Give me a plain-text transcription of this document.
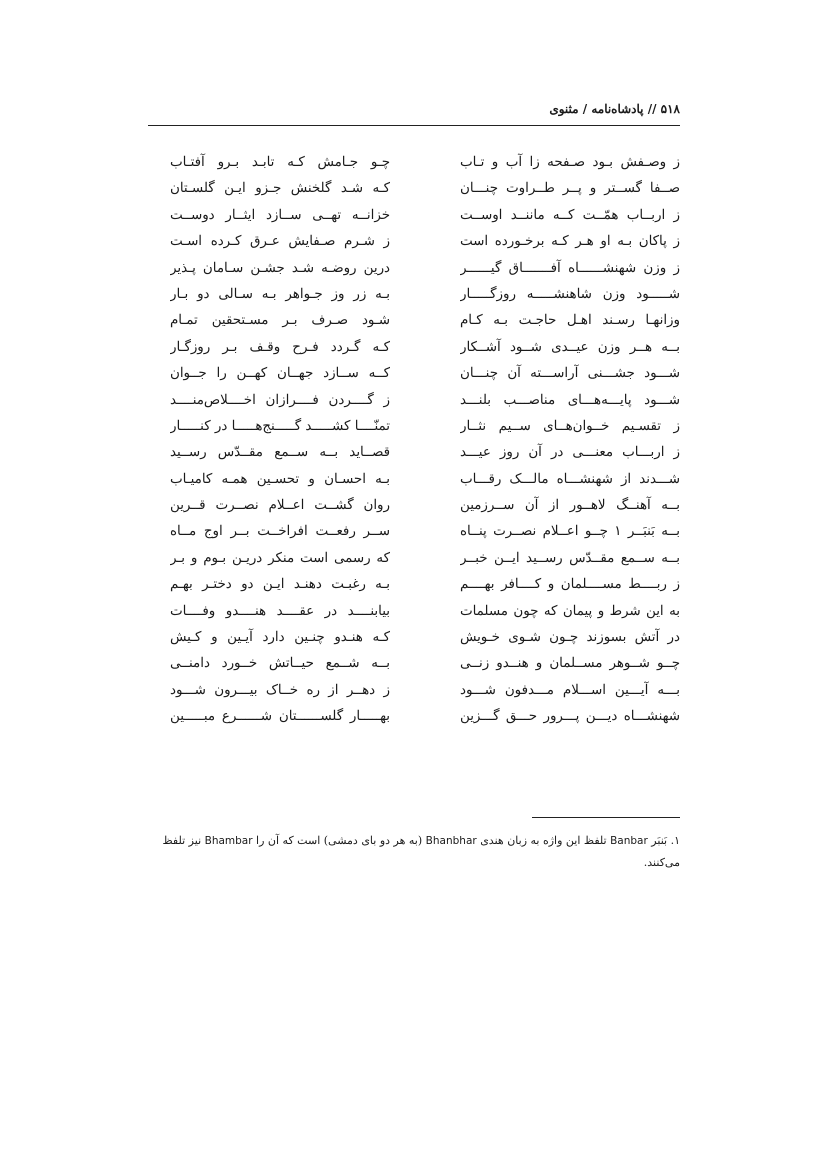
۵۱۸ // پادشاه‌نامه / مثنوی
ز وصـفش بـود صـفحه زا آب و تـاب
چـو جـامش کـه تابـد بـرو آفتـاب
صــفا گســتر و پــر طــراوت چنـــان
کـه شـد گلخنش جـزو ایـن گلسـتان
ز اربــاب همّــت کــه ماننــد اوســت
خزانــه تهــی ســازد ایثــار دوســت
ز پاکان بـه او هـر کـه برخـورده است
ز شـرم صـفایش عـرق کـرده اسـت
ز وزن شهنشــــــاه آفـــــــاق گیــــــر
درین روضـه شـد جشـن سـامان پـذیر
شـــــود وزن شاهنشـــــه روزگـــــار
بـه زر وز جـواهر بـه سـالی دو بـار
وزانهـا رسـند اهـل حاجـت بـه کـام
شـود صـرف بـر مسـتحقین تمـام
بــه هــر وزن عیــدی شــود آشــکار
کـه گـردد فـرح وقـف بـر روزگـار
شـــود جشـــنی آراســـته آن چنـــان
کــه ســازد جهــان کهــن را جــوان
شـــود پایـــه‌هـــای مناصـــب بلنـــد
ز گــــردن فــــرازان اخــــلاص‌منــــد
ز تقسـیم خــوان‌هــای ســیم نثــار
تمنّــــا کشـــــد گـــــنج‌هـــــا در کنـــــار
ز اربـــاب معنـــی در آن روز عیـــد
قصــاید بــه ســمع مقــدّس رســید
شـــدند از شهنشـــاه مالـــک رقـــاب
بـه احسـان و تحسـین همـه کامیـاب
بــه آهنــگ لاهــور از آن ســرزمین
روان گشــت اعــلام نصــرت قــرین
بــه بَنبَــر ۱ چــو اعــلام نصــرت پنــاه
ســر رفعــت افراخــت بــر اوج مــاه
بــه ســمع مقــدّس رســید ایــن خبــر
که رسمی است منکر دریـن بـوم و بـر
ز ربــــط مســــلمان و کــــافر بهــــم
بـه رغبـت دهنـد ایـن دو دختـر بهـم
به این شرط و پیمان که چون مسلمات
بیابنــــد در عقــــد هنــــدو وفــــات
در آتش بسوزند چـون شـوی خـویش
کـه هنـدو چنـین دارد آیـین و کـیش
چــو شــوهر مســلمان و هنــدو زنــی
بــه شــمع حیــاتش خــورد دامنــی
بـــه آیـــین اســـلام مـــدفون شـــود
ز دهــر از ره خــاک بیـــرون شـــود
شهنشـــاه دیـــن پـــرور حـــق گـــزین
بهـــــار گلســــــتان شــــــرع مبـــــین
۱. بَنبَر Banbar تلفظ این واژه به زبان هندی Bhanbhar (به هر دو بای دمشی) است که آن را Bhambar نیز تلفظ می‌کنند.
